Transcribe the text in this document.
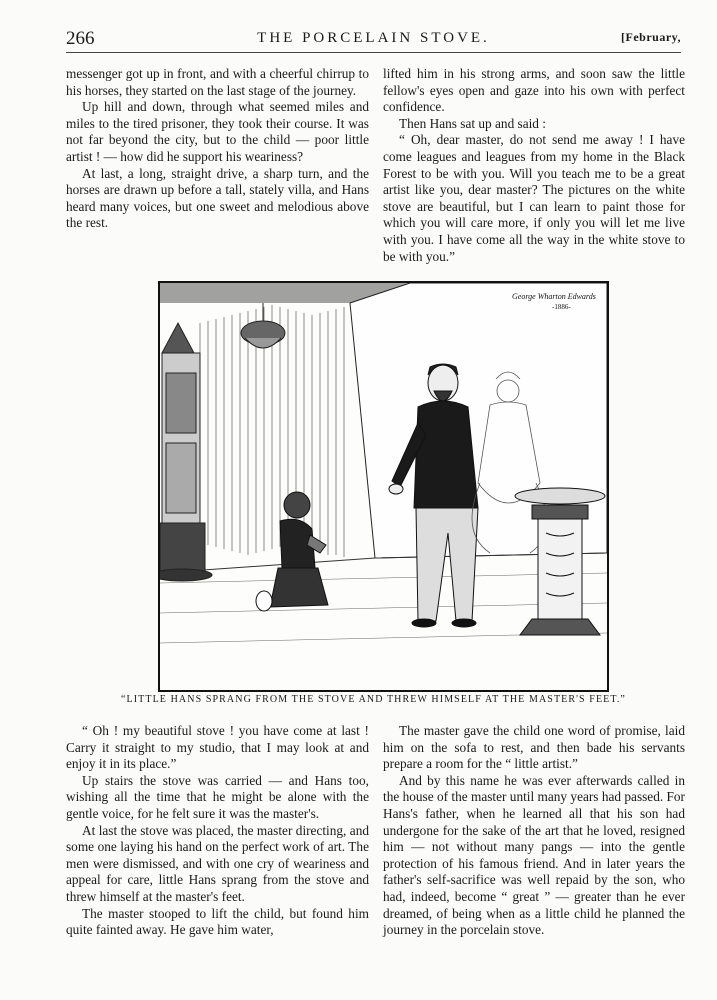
266	THE PORCELAIN STOVE.	[February,

messenger got up in front, and with a cheerful chirrup to his horses, they started on the last stage of the journey.

Up hill and down, through what seemed miles and miles to the tired prisoner, they took their course. It was not far beyond the city, but to the child — poor little artist ! — how did he support his weariness?

At last, a long, straight drive, a sharp turn, and the horses are drawn up before a tall, stately villa, and Hans heard many voices, but one sweet and melodious above the rest.

lifted him in his strong arms, and soon saw the little fellow's eyes open and gaze into his own with perfect confidence.

Then Hans sat up and said :

“ Oh, dear master, do not send me away ! I have come leagues and leagues from my home in the Black Forest to be with you. Will you teach me to be a great artist like you, dear master? The pictures on the white stove are beautiful, but I can learn to paint those for which you will care more, if only you will let me live with you. I have come all the way in the white stove to be with you.”

George Wharton Edwards
-1886-
“LITTLE HANS SPRANG FROM THE STOVE AND THREW HIMSELF AT THE MASTER'S FEET.”

“ Oh ! my beautiful stove ! you have come at last ! Carry it straight to my studio, that I may look at and enjoy it in its place.”

Up stairs the stove was carried — and Hans too, wishing all the time that he might be alone with the gentle voice, for he felt sure it was the master's.

At last the stove was placed, the master directing, and some one laying his hand on the perfect work of art. The men were dismissed, and with one cry of weariness and appeal for care, little Hans sprang from the stove and threw himself at the master's feet.

The master stooped to lift the child, but found him quite fainted away. He gave him water,

The master gave the child one word of promise, laid him on the sofa to rest, and then bade his servants prepare a room for the “ little artist.”

And by this name he was ever afterwards called in the house of the master until many years had passed. For Hans's father, when he learned all that his son had undergone for the sake of the art that he loved, resigned him — not without many pangs — into the gentle protection of his famous friend. And in later years the father's self-sacrifice was well repaid by the son, who had, indeed, become “ great ” — greater than he ever dreamed, of being when as a little child he planned the journey in the porcelain stove.
